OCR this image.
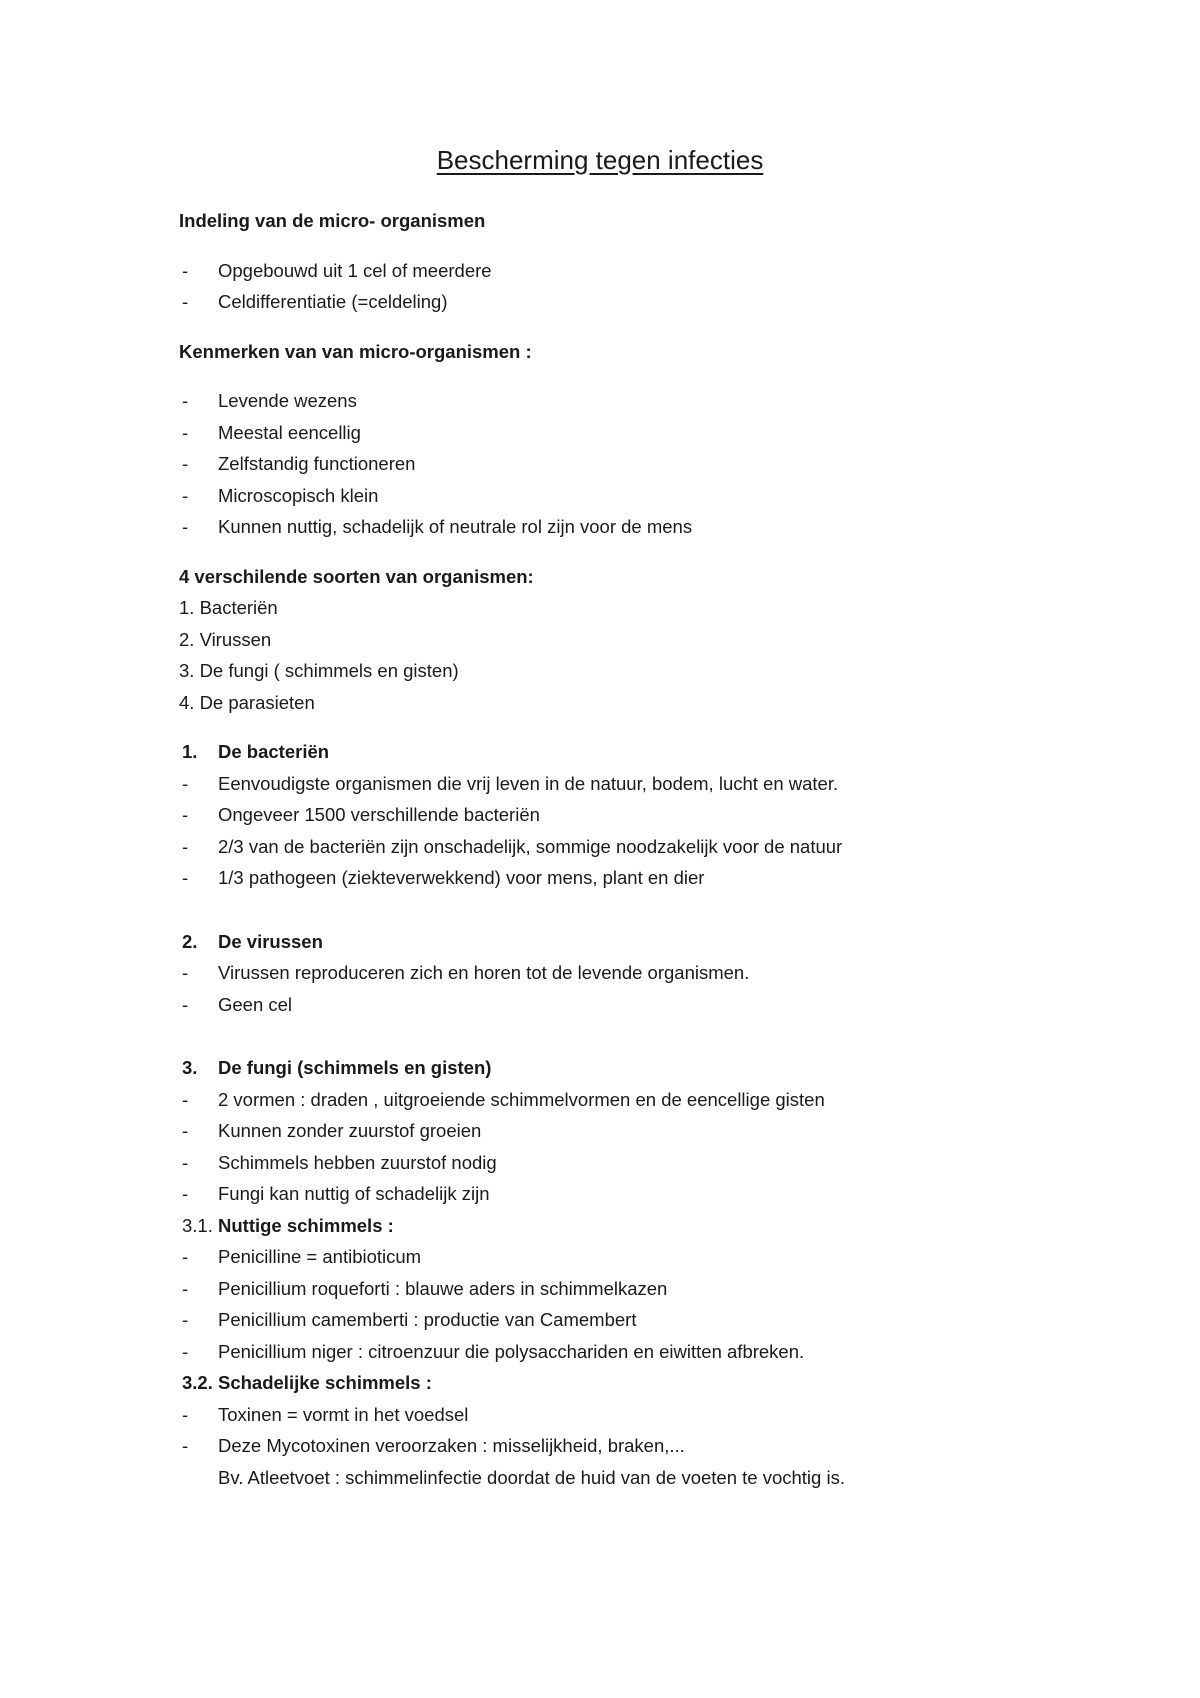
Bescherming tegen infecties
Indeling van de micro- organismen
- Opgebouwd uit 1 cel of meerdere
- Celdifferentiatie (=celdeling)
Kenmerken van van micro-organismen :
- Levende wezens
- Meestal eencellig
- Zelfstandig functioneren
- Microscopisch klein
- Kunnen nuttig, schadelijk of neutrale rol zijn voor de mens
4 verschilende soorten van organismen:
1. Bacteriën
2. Virussen
3. De fungi ( schimmels en gisten)
4. De parasieten
1. De bacteriën
- Eenvoudigste organismen die vrij leven in de natuur, bodem, lucht en water.
- Ongeveer 1500 verschillende bacteriën
- 2/3 van de bacteriën zijn onschadelijk, sommige noodzakelijk voor de natuur
- 1/3 pathogeen (ziekteverwekkend) voor mens, plant en dier
2. De virussen
- Virussen reproduceren zich en horen tot de levende organismen.
- Geen cel
3. De fungi (schimmels en gisten)
- 2 vormen : draden , uitgroeiende schimmelvormen en de eencellige gisten
- Kunnen zonder zuurstof groeien
- Schimmels hebben zuurstof nodig
- Fungi kan nuttig of schadelijk zijn
3.1. Nuttige schimmels :
- Penicilline = antibioticum
- Penicillium roqueforti : blauwe aders in schimmelkazen
- Penicillium camemberti : productie van Camembert
- Penicillium niger : citroenzuur die polysacchariden en eiwitten afbreken.
3.2. Schadelijke schimmels :
- Toxinen = vormt in het voedsel
- Deze Mycotoxinen veroorzaken : misselijkheid, braken,...
Bv. Atleetvoet : schimmelinfectie doordat de huid van de voeten te vochtig is.
